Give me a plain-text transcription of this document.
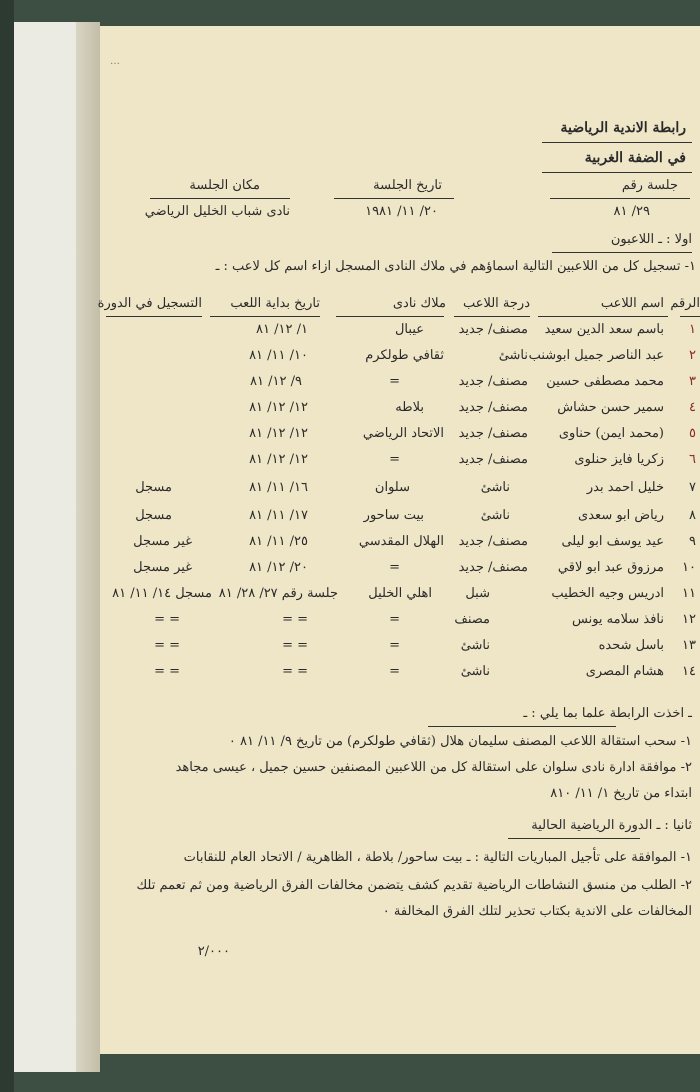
…
رابطة الاندية الرياضية
في الضفة الغربية
جلسة رقم
٢٩/ ٨١
تاريخ الجلسة
٢٠/ ١١/ ١٩٨١
مكان الجلسة
نادى شباب الخليل الرياضي
اولا : ـ اللاعبون
١- تسجيل كل من اللاعبين التالية اسماؤهم في ملاك النادى المسجل ازاء اسم كل لاعب : ـ
الرقم
اسم اللاعب
درجة اللاعب
ملاك نادى
تاريخ بداية اللعب
التسجيل في الدورة
١
باسم سعد الدين سعيد
مصنف/ جديد
عيبال
١/ ١٢/ ٨١
٢
عبد الناصر جميل ابوشنب
ناشئ
ثقافي طولكرم
١٠/ ١١/ ٨١
٣
محمد مصطفى حسين
مصنف/ جديد
=
٩/ ١٢/ ٨١
٤
سمير حسن حشاش
مصنف/ جديد
بلاطه
١٢/ ١٢/ ٨١
٥
(محمد ايمن) حناوى
مصنف/ جديد
الاتحاد الرياضي
١٢/ ١٢/ ٨١
٦
زكريا فايز حنلوى
مصنف/ جديد
=
١٢/ ١٢/ ٨١
٧
خليل احمد بدر
ناشئ
سلوان
١٦/ ١١/ ٨١
مسجل
٨
رياض ابو سعدى
ناشئ
بيت ساحور
١٧/ ١١/ ٨١
مسجل
٩
عيد يوسف ابو ليلى
مصنف/ جديد
الهلال المقدسي
٢٥/ ١١/ ٨١
غير مسجل
١٠
مرزوق عبد ابو لاقي
مصنف/ جديد
=
٢٠/ ١٢/ ٨١
غير مسجل
١١
ادريس وجيه الخطيب
شبل
اهلي الخليل
جلسة رقم ٢٧/ ٢٨/ ٨١
مسجل ١٤/ ١١/ ٨١
١٢
نافذ سلامه يونس
مصنف
=
= =
= =
١٣
باسل شحده
ناشئ
=
= =
= =
١٤
هشام المصرى
ناشئ
=
= =
= =
ـ اخذت الرابطة علما بما يلي : ـ
١- سحب استقالة اللاعب المصنف سليمان هلال (ثقافي طولكرم) من تاريخ ٩/ ١١/ ٨١ ٠
٢- موافقة ادارة نادى سلوان على استقالة كل من اللاعبين المصنفين حسين جميل ، عيسى مجاهد
ابتداء من تاريخ ١/ ١١/ ٨١٠
ثانيا : ـ الدورة الرياضية الحالية
١- الموافقة على تأجيل المباريات التالية : ـ بيت ساحور/ بلاطة ، الظاهرية / الاتحاد العام للنقابات
٢- الطلب من منسق النشاطات الرياضية تقديم كشف يتضمن مخالفات الفرق الرياضية ومن ثم تعمم تلك
المخالفات على الاندية بكتاب تحذير لتلك الفرق المخالفة ٠
٢/٠٠٠
